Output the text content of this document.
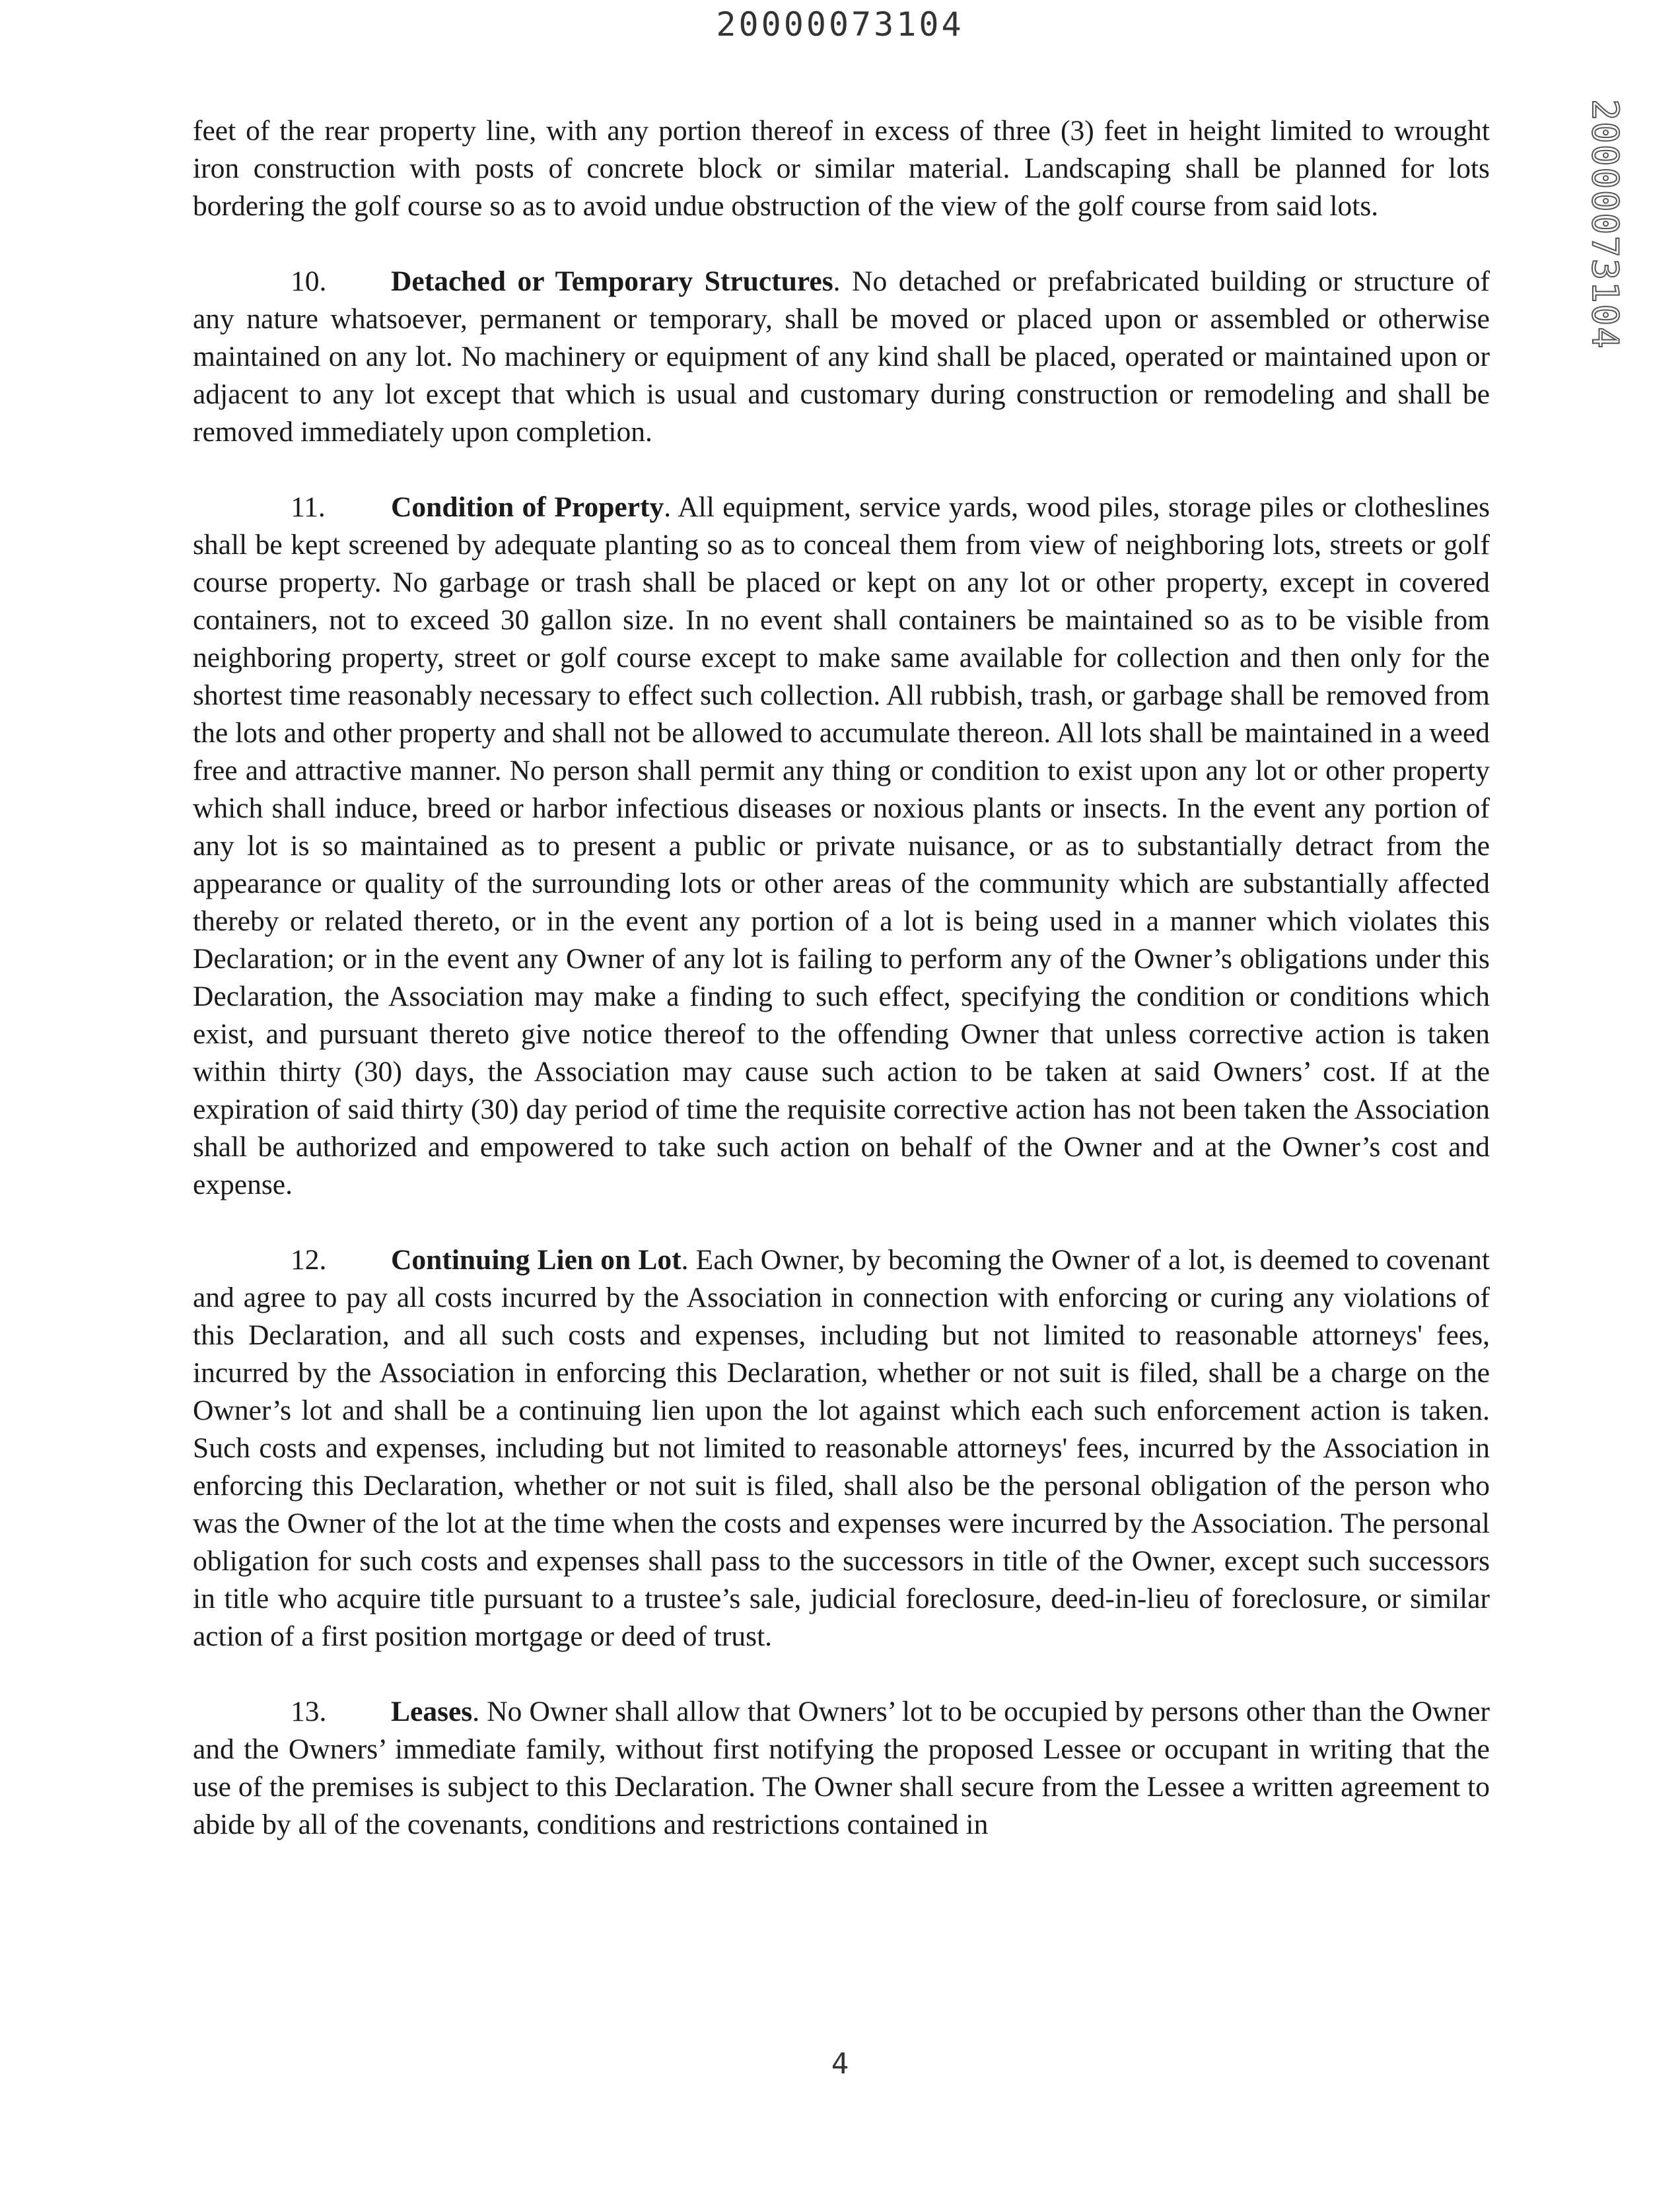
20000073104
20000073104

feet of the rear property line, with any portion thereof in excess of three (3) feet in height limited to wrought iron construction with posts of concrete block or similar material. Landscaping shall be planned for lots bordering the golf course so as to avoid undue obstruction of the view of the golf course from said lots.

10. Detached or Temporary Structures. No detached or prefabricated building or structure of any nature whatsoever, permanent or temporary, shall be moved or placed upon or assembled or otherwise maintained on any lot. No machinery or equipment of any kind shall be placed, operated or maintained upon or adjacent to any lot except that which is usual and customary during construction or remodeling and shall be removed immediately upon completion.

11. Condition of Property. All equipment, service yards, wood piles, storage piles or clotheslines shall be kept screened by adequate planting so as to conceal them from view of neighboring lots, streets or golf course property. No garbage or trash shall be placed or kept on any lot or other property, except in covered containers, not to exceed 30 gallon size. In no event shall containers be maintained so as to be visible from neighboring property, street or golf course except to make same available for collection and then only for the shortest time reasonably necessary to effect such collection. All rubbish, trash, or garbage shall be removed from the lots and other property and shall not be allowed to accumulate thereon. All lots shall be maintained in a weed free and attractive manner. No person shall permit any thing or condition to exist upon any lot or other property which shall induce, breed or harbor infectious diseases or noxious plants or insects. In the event any portion of any lot is so maintained as to present a public or private nuisance, or as to substantially detract from the appearance or quality of the surrounding lots or other areas of the community which are substantially affected thereby or related thereto, or in the event any portion of a lot is being used in a manner which violates this Declaration; or in the event any Owner of any lot is failing to perform any of the Owner’s obligations under this Declaration, the Association may make a finding to such effect, specifying the condition or conditions which exist, and pursuant thereto give notice thereof to the offending Owner that unless corrective action is taken within thirty (30) days, the Association may cause such action to be taken at said Owners’ cost. If at the expiration of said thirty (30) day period of time the requisite corrective action has not been taken the Association shall be authorized and empowered to take such action on behalf of the Owner and at the Owner’s cost and expense.

12. Continuing Lien on Lot. Each Owner, by becoming the Owner of a lot, is deemed to covenant and agree to pay all costs incurred by the Association in connection with enforcing or curing any violations of this Declaration, and all such costs and expenses, including but not limited to reasonable attorneys' fees, incurred by the Association in enforcing this Declaration, whether or not suit is filed, shall be a charge on the Owner’s lot and shall be a continuing lien upon the lot against which each such enforcement action is taken. Such costs and expenses, including but not limited to reasonable attorneys' fees, incurred by the Association in enforcing this Declaration, whether or not suit is filed, shall also be the personal obligation of the person who was the Owner of the lot at the time when the costs and expenses were incurred by the Association. The personal obligation for such costs and expenses shall pass to the successors in title of the Owner, except such successors in title who acquire title pursuant to a trustee’s sale, judicial foreclosure, deed-in-lieu of foreclosure, or similar action of a first position mortgage or deed of trust.

13. Leases. No Owner shall allow that Owners’ lot to be occupied by persons other than the Owner and the Owners’ immediate family, without first notifying the proposed Lessee or occupant in writing that the use of the premises is subject to this Declaration. The Owner shall secure from the Lessee a written agreement to abide by all of the covenants, conditions and restrictions contained in

4
